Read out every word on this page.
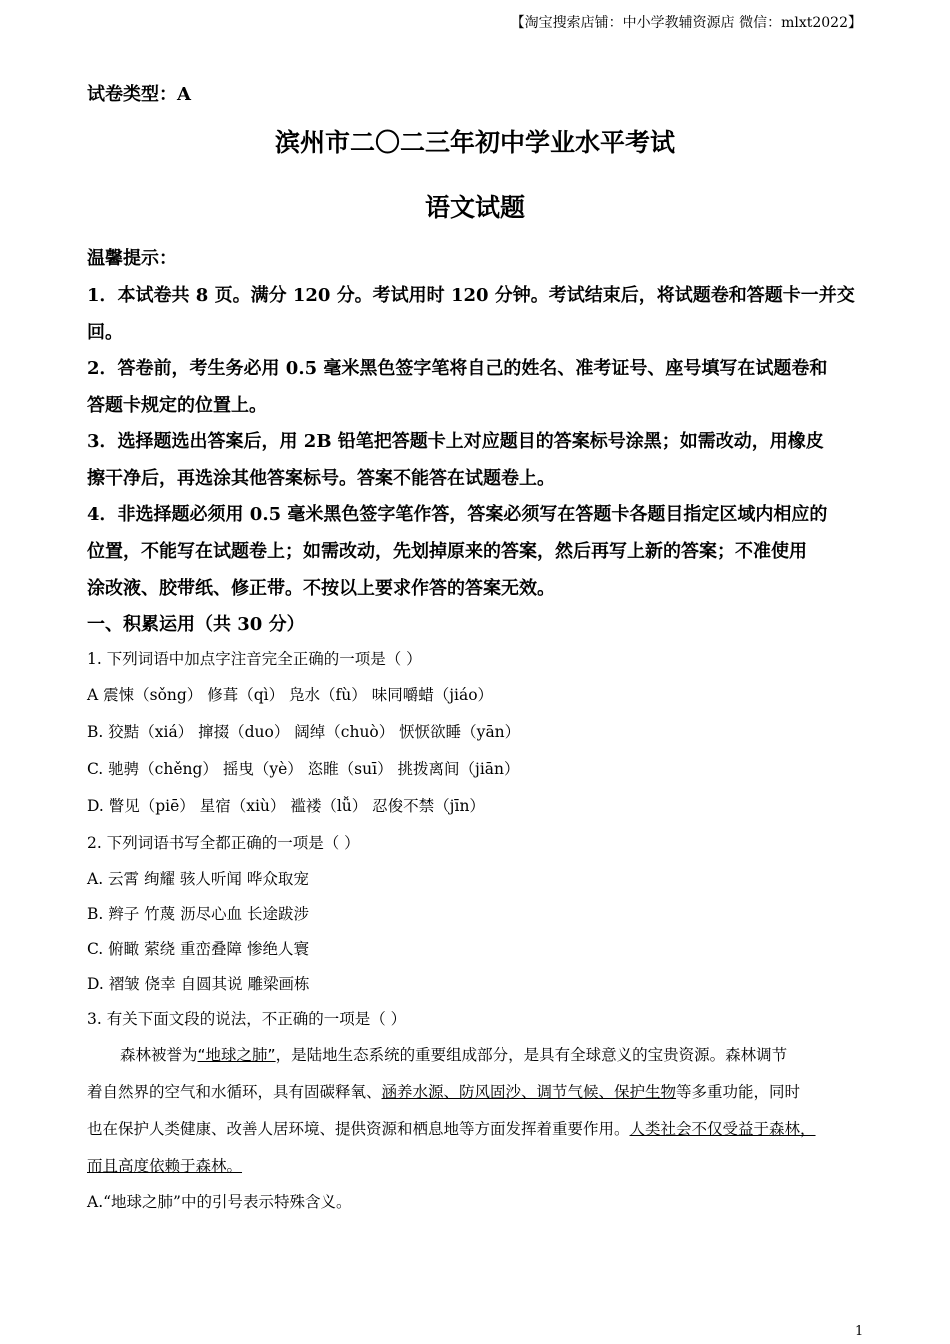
【淘宝搜索店铺：中小学教辅资源店 微信：mlxt2022】
试卷类型：A
滨州市二〇二三年初中学业水平考试
语文试题
温馨提示：
1．本试卷共 8 页。满分 120 分。考试用时 120 分钟。考试结束后，将试题卷和答题卡一并交
回。
2．答卷前，考生务必用 0.5 毫米黑色签字笔将自己的姓名、准考证号、座号填写在试题卷和
答题卡规定的位置上。
3．选择题选出答案后，用 2B 铅笔把答题卡上对应题目的答案标号涂黑；如需改动，用橡皮
擦干净后，再选涂其他答案标号。答案不能答在试题卷上。
4．非选择题必须用 0.5 毫米黑色签字笔作答，答案必须写在答题卡各题目指定区域内相应的
位置，不能写在试题卷上；如需改动，先划掉原来的答案，然后再写上新的答案；不准使用
涂改液、胶带纸、修正带。不按以上要求作答的答案无效。
一、积累运用（共 30 分）
1. 下列词语中加点字注音完全正确的一项是（ ）
A 震悚（sǒng） 修葺（qì） 凫水（fù） 味同嚼蜡（jiáo）
B. 狡黠（xiá） 撺掇（duo） 阔绰（chuò） 恹恹欲睡（yān）
C. 驰骋（chěng） 摇曳（yè） 恣睢（suī） 挑拨离间（jiān）
D. 瞥见（piē） 星宿（xiù） 褴褛（lǚ） 忍俊不禁（jīn）
2. 下列词语书写全都正确的一项是（ ）
A. 云霄 绚耀 骇人听闻 哗众取宠
B. 辫子 竹蔑 沥尽心血 长途跋涉
C. 俯瞰 萦绕 重峦叠障 惨绝人寰
D. 褶皱 侥幸 自圆其说 雕梁画栋
3. 有关下面文段的说法，不正确的一项是（ ）
森林被誉为“地球之肺”，是陆地生态系统的重要组成部分，是具有全球意义的宝贵资源。森林调节
着自然界的空气和水循环，具有固碳释氧、涵养水源、防风固沙、调节气候、保护生物等多重功能，同时
也在保护人类健康、改善人居环境、提供资源和栖息地等方面发挥着重要作用。人类社会不仅受益于森林，
而且高度依赖于森林。
A.“地球之肺”中的引号表示特殊含义。
1
